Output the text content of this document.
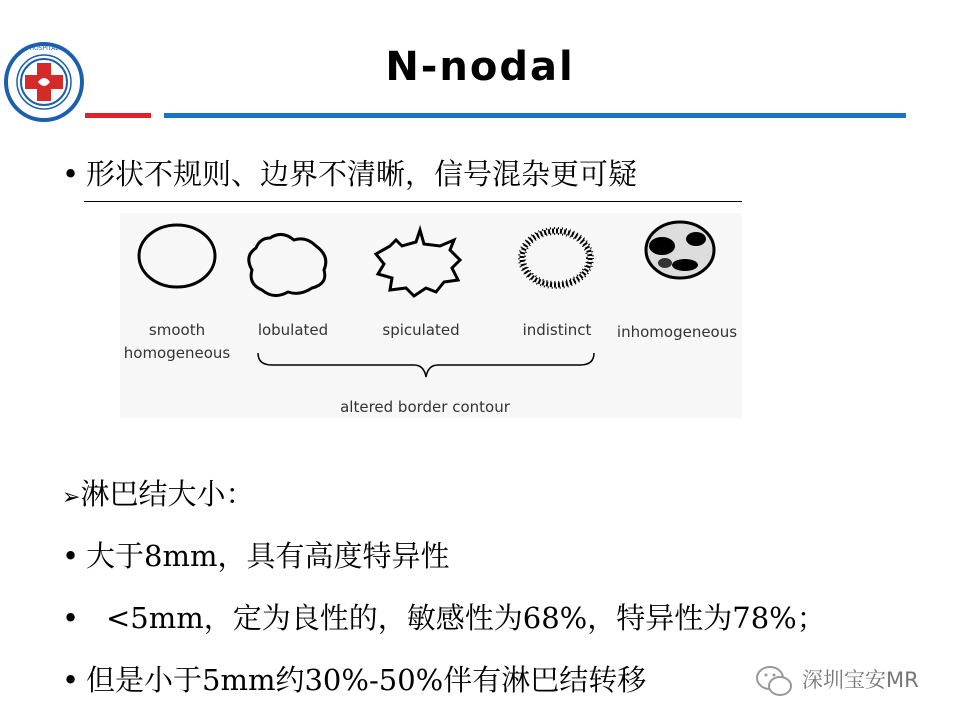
HOSPITAL	N-nodal
• 形状不规则、边界不清晰，信号混杂更可疑
smooth
homogeneous
lobulated	spiculated	indistinct	inhomogeneous
altered border contour
➢淋巴结大小：
• 大于8mm，具有高度特异性
• <5mm，定为良性的，敏感性为68%，特异性为78%；
• 但是小于5mm约30%-50%伴有淋巴结转移	深圳宝安MR
